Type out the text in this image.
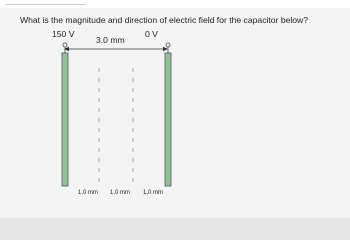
What is the magnitude and direction of electric field for the capacitor below?
150 V	0 V
3.0 mm
1.0 mm 1.0 mm 1.0 mm
